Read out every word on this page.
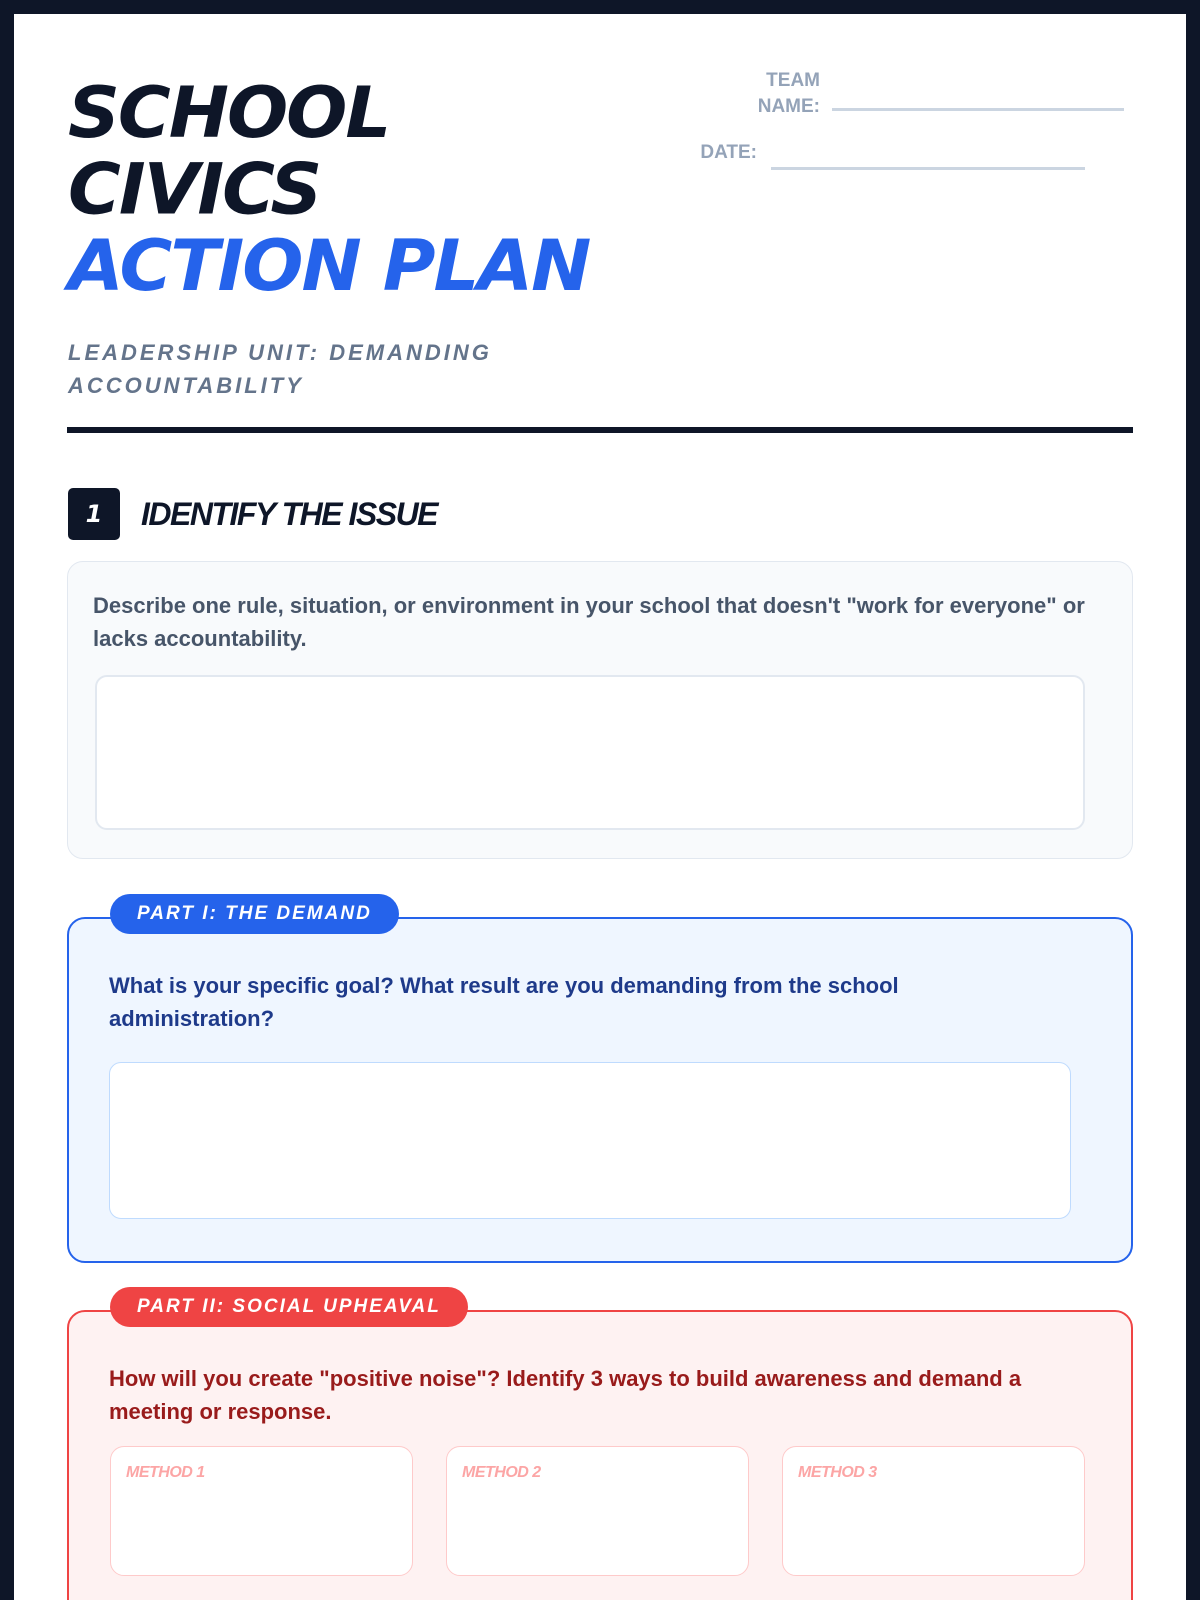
SCHOOL
CIVICS
ACTION PLAN
LEADERSHIP UNIT: DEMANDING ACCOUNTABILITY
TEAM
NAME:
DATE:
1	IDENTIFY THE ISSUE
Describe one rule, situation, or environment in your school that doesn't "work for everyone" or lacks accountability.
What is your specific goal? What result are you demanding from the school administration?
PART I: THE DEMAND
How will you create "positive noise"? Identify 3 ways to build awareness and demand a meeting or response.
PART II: SOCIAL UPHEAVAL
METHOD 1	METHOD 2	METHOD 3
